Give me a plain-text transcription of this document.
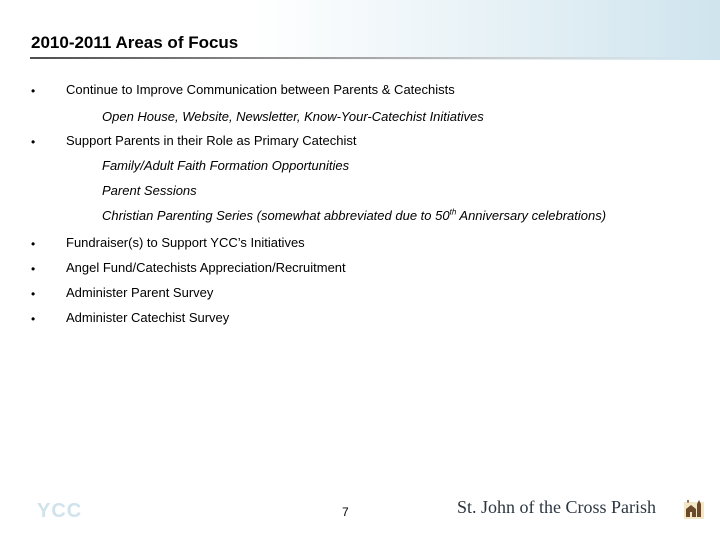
2010-2011 Areas of Focus
• Continue to Improve Communication between Parents & Catechists
Open House, Website, Newsletter, Know-Your-Catechist Initiatives
• Support Parents in their Role as Primary Catechist
Family/Adult Faith Formation Opportunities
Parent Sessions
Christian Parenting Series (somewhat abbreviated due to 50th Anniversary celebrations)
• Fundraiser(s) to Support YCC’s Initiatives
• Angel Fund/Catechists Appreciation/Recruitment
• Administer Parent Survey
• Administer Catechist Survey
YCC	7	St. John of the Cross Parish
